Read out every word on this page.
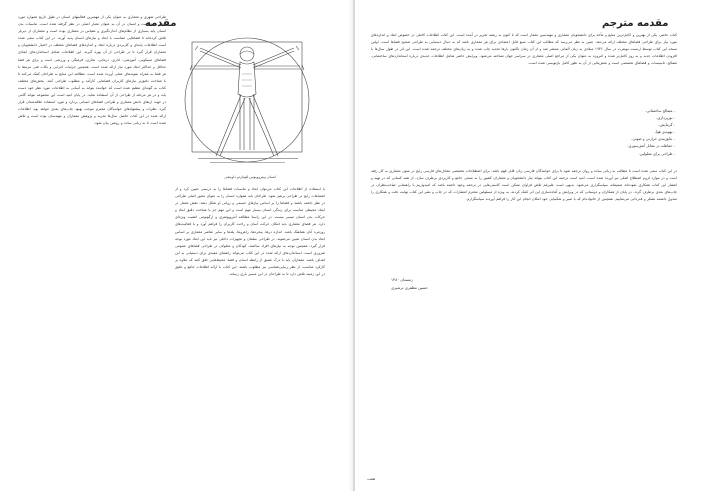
مقدمه
انسان ویتروویوس لئوناردو داوینچی
طراحی شهری و معماری به عنوان یکی از مهمترین فعالیتهای انسان در طول تاریخ همواره مورد توجه بوده است و انسان در آن به عنوان معیار اصلی در نظر گرفته شده است. تناسبات بدن انسان پایه بسیاری از نظام‌های اندازه‌گیری و مقیاس در معماری بوده است و معماران از دیرباز تلاش کرده‌اند تا فضاهایی متناسب با ابعاد و نیازهای انسان پدید آورند. در این کتاب سعی شده است اطلاعات پایه‌ای و کاربردی درباره ابعاد و اندازه‌های فضاهای مختلف در اختیار دانشجویان و معماران قرار گیرد تا در طراحی از آن بهره گیرند. این اطلاعات شامل استانداردهای ابعادی فضاهای مسکونی، آموزشی، اداری، درمانی، تجاری، فرهنگی و ورزشی است و برای هر فضا حداقل و حداکثر ابعاد مورد نیاز ارائه شده است. همچنین جزئیات اجرایی و نکات فنی مرتبط با هر فضا به همراه نمونه‌های عملی آورده شده است. مطالعه این منابع به طراحان کمک می‌کند تا با شناخت دقیق‌تر نیازهای کاربران فضاهایی کارآمد و مطلوب طراحی کنند. بخش‌های مختلف کتاب به گونه‌ای تنظیم شده است که خواننده بتواند به آسانی به اطلاعات مورد نظر خود دست یابد و در هر مرحله از طراحی از آن استفاده نماید. در پایان امید است این مجموعه بتواند گامی در جهت ارتقای دانش معماری و طراحی فضاهای انسانی بردارد و مورد استفاده علاقه‌مندان قرار گیرد. نظرات و پیشنهادهای خوانندگان محترم موجب بهبود چاپ‌های بعدی خواهد بود. اطلاعات ارائه شده در این کتاب حاصل سال‌ها تجربه و پژوهش معماران و مهندسان بوده است و تلاش شده است تا به زبانی ساده و روشن بیان شود.
با استفاده از اطلاعات این کتاب می‌توان ابعاد و تناسبات فضاها را به درستی تعیین کرد و از اشتباهات رایج در طراحی پرهیز نمود. طراحان باید همواره انسان را به عنوان محور اصلی طراحی در نظر داشته باشند و فضاها را بر اساس نیازهای جسمی و روانی او شکل دهند. نقش معمار در ایجاد محیطی مناسب برای زندگی انسان بسیار مهم است و این مهم جز با شناخت دقیق ابعاد و حرکات بدن انسان میسر نیست. در این راستا مطالعه آنتروپومتری و ارگونومی اهمیت ویژه‌ای دارد. هر فضای معماری باید امکان حرکت آسان و راحت کاربران را فراهم آورد و با فعالیت‌های روزمره آنان هماهنگ باشد. اندازه درها، پنجره‌ها، راهروها، پله‌ها و سایر عناصر معماری بر اساس ابعاد بدن انسان تعیین می‌شوند. در طراحی مبلمان و تجهیزات داخلی نیز باید این ابعاد مورد توجه قرار گیرد. همچنین توجه به نیازهای افراد سالمند، کودکان و معلولان در طراحی فضاهای عمومی ضروری است. استانداردهای ارائه شده در این کتاب می‌تواند راهنمای مفیدی برای دستیابی به این اهداف باشد. معماران باید با درک عمیق از رابطه انسان و فضا، محیط‌هایی خلق کنند که علاوه بر کارکرد مناسب، از نظر زیبایی‌شناسی نیز مطلوب باشند. این کتاب با ارائه اطلاعات جامع و دقیق در این زمینه تلاش دارد تا به طراحان در این مسیر یاری رساند.
مقدمه مترجم
کتاب حاضر، یکی از بهترین و کامل‌ترین منابع و مآخذ برای دانشجویان معماری و مهندسین معمار است که تا کنون به رشته تحریر در آمده است. این کتاب اطلاعات کاملی در خصوص ابعاد و اندازه‌های مورد نیاز برای طراحی فضاهای مختلف ارائه می‌دهد. چنین به نظر می‌رسد که مطالب این کتاب منبع قابل اعتمادی برای هر معماری باشد که به دنبال دستیابی به طراحی صحیح فضاها است. اولین نسخه این کتاب توسط ارنست نویفرت در سال ۱۹۳۶ میلادی به زبان آلمانی منتشر شد و از آن زمان تاکنون بارها تجدید چاپ شده و به زبان‌های مختلف ترجمه شده است. این اثر در طول سال‌ها با افزودن اطلاعات جدید و به روز کامل‌تر شده و امروزه به عنوان یکی از مراجع اصلی معماری در سراسر جهان شناخته می‌شود. ویرایش حاضر شامل اطلاعات جدیدی درباره استانداردهای ساختمانی، مصالح، تاسیسات و فضاهای تخصصی است و بخش‌هایی از آن به طور کامل بازنویسی شده است.
- مصالح ساختمانی،
- نورپردازی،
- گرمایش،
- تهویه‌ی هوا،
- عایق‌بندی حرارتی و صوتی،
- حفاظت در مقابل آتش‌سوزی،
- طراحی برای معلولین.
در این کتاب سعی شده است تا مطالب به زبانی ساده و روان ترجمه شود تا برای خوانندگان فارسی زبان قابل فهم باشد. برای اصطلاحات تخصصی معادل‌های فارسی رایج در متون معماری به کار رفته است و در موارد لزوم اصطلاح اصلی نیز آورده شده است. امید است ترجمه این کتاب بتواند نیاز دانشجویان و معماران کشور را به منبعی جامع و کاربردی برطرف سازد. از همه کسانی که در تهیه و انتشار این کتاب همکاری نموده‌اند صمیمانه سپاسگزاری می‌شود. بدیهی است علیرغم تلاش فراوان ممکن است کاستی‌هایی در ترجمه وجود داشته باشد که امیدواریم با راهنمایی صاحب‌نظران در چاپ‌های بعدی برطرف گردد. در پایان از همکاران و دوستانی که در ویرایش و آماده‌سازی این اثر کمک کردند، به ویژه از مسئولین محترم انتشارات که در چاپ و نشر این کتاب نهایت دقت و همکاری را مبذول داشتند تشکر و قدردانی می‌نماییم. همچنین از خانواده‌ام که با صبر و شکیبایی خود امکان انجام این کار را فراهم آوردند سپاسگزارم.
زمستان ۱۳۸۰
حسین مظفری ترشیزی
هفت
